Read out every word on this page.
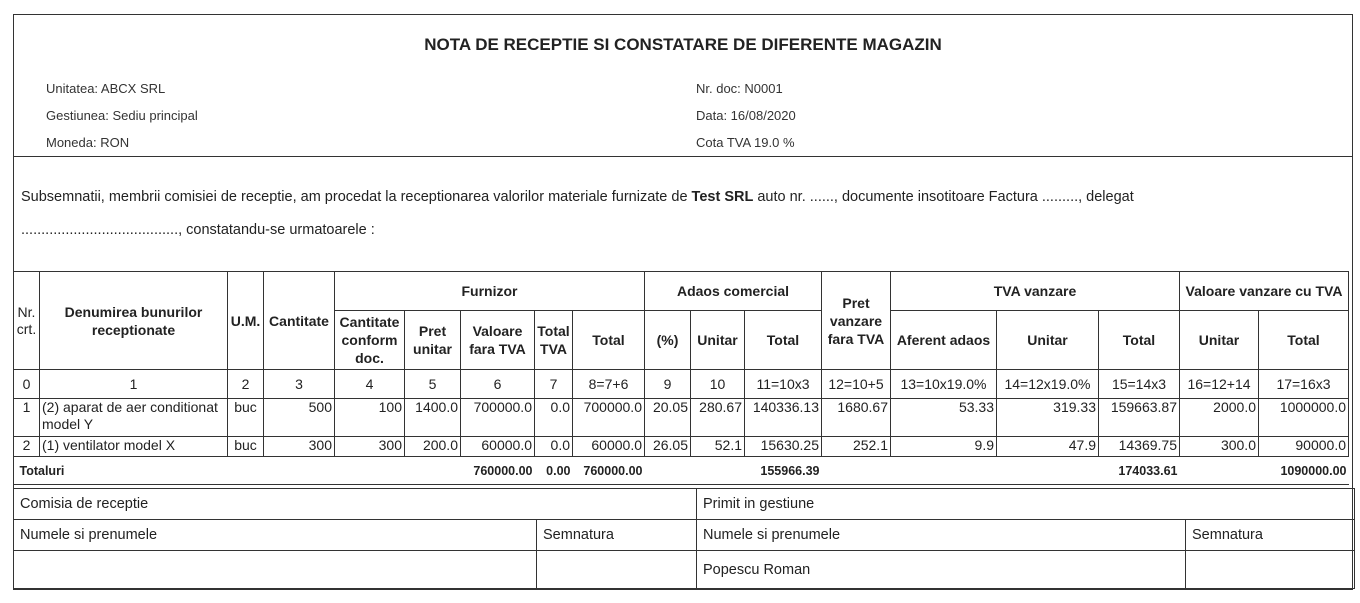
NOTA DE RECEPTIE SI CONSTATARE DE DIFERENTE MAGAZIN
Unitatea: ABCX SRL
Gestiunea: Sediu principal
Moneda: RON
Nr. doc: N0001
Data: 16/08/2020
Cota TVA 19.0 %
Subsemnatii, membrii comisiei de receptie, am procedat la receptionarea valorilor materiale furnizate de Test SRL auto nr. ......, documente insotitoare Factura ........., delegat
......................................., constatandu-se urmatoarele :
Nr. crt.	Denumirea bunurilor receptionate	U.M.	Cantitate	Furnizor					Adaos comercial			Pret vanzare fara TVA	TVA vanzare			Valoare vanzare cu TVA	
				Cantitate conform doc.	Pret unitar	Valoare fara TVA	Total TVA	Total	(%)	Unitar	Total		Aferent adaos	Unitar	Total	Unitar	Total
0	1	2	3	4	5	6	7	8=7+6	9	10	11=10x3	12=10+5	13=10x19.0%	14=12x19.0%	15=14x3	16=12+14	17=16x3
1	(2) aparat de aer conditionat model Y	buc	500	100	1400.0	700000.0	0.0	700000.0	20.05	280.67	140336.13	1680.67	53.33	319.33	159663.87	2000.0	1000000.0
2	(1) ventilator model X	buc	300	300	200.0	60000.0	0.0	60000.0	26.05	52.1	15630.25	252.1	9.9	47.9	14369.75	300.0	90000.0
Totaluri						760000.00	0.00	760000.00			155966.39				174033.61		1090000.00
Comisia de receptie		Primit in gestiune	
Numele si prenumele	Semnatura	Numele si prenumele	Semnatura
		Popescu Roman	
